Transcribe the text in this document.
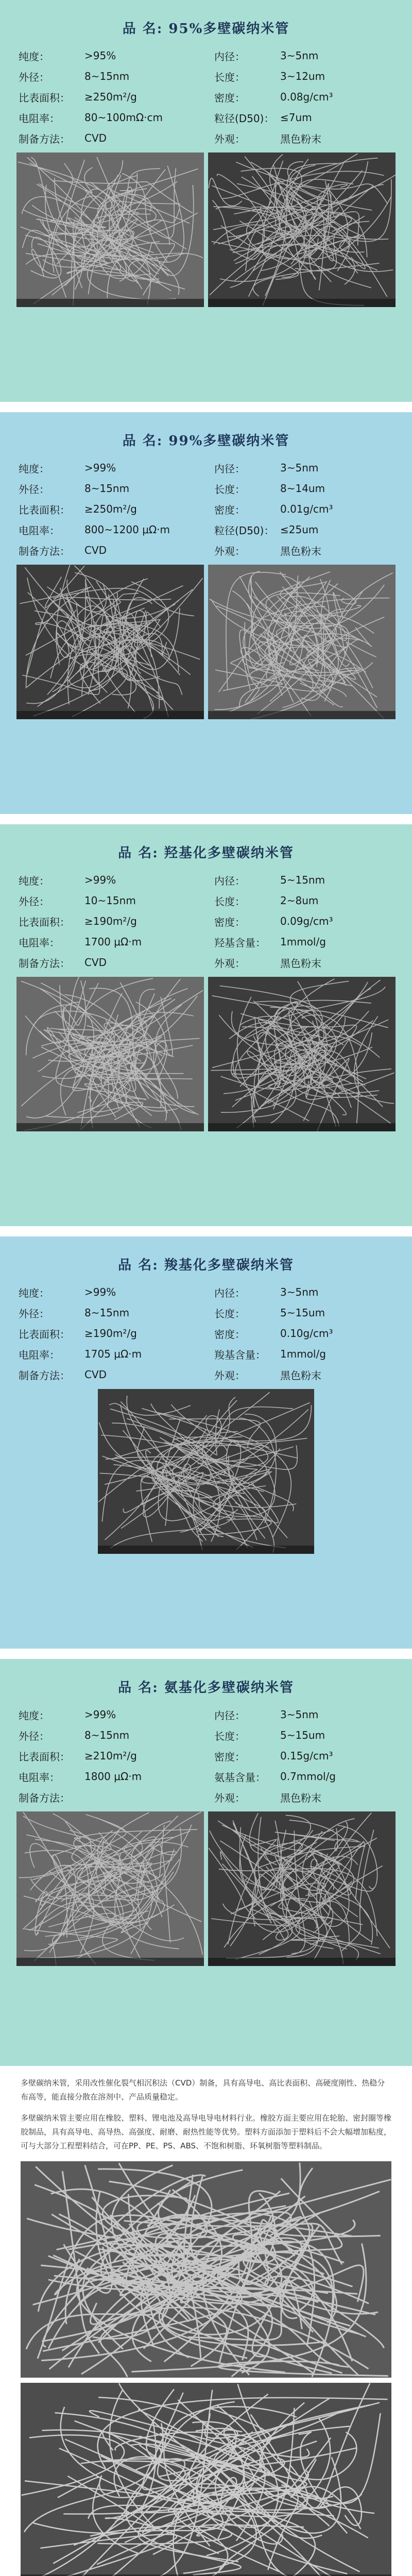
品 名: 95%多壁碳纳米管
纯度：	>95%	内径：	3~5nm
外径：	8~15nm	长度：	3~12um
比表面积：	≥250m²/g	密度：	0.08g/cm³
电阻率：	80~100mΩ·cm	粒径(D50)：	≤7um
制备方法：	CVD	外观：	黑色粉末
品 名: 99%多壁碳纳米管
纯度：	>99%	内径：	3~5nm
外径：	8~15nm	长度：	8~14um
比表面积：	≥250m²/g	密度：	0.01g/cm³
电阻率：	800~1200 μΩ·m	粒径(D50)：	≤25um
制备方法：	CVD	外观：	黑色粉末
品 名: 羟基化多壁碳纳米管
纯度：	>99%	内径：	5~15nm
外径：	10~15nm	长度：	2~8um
比表面积：	≥190m²/g	密度：	0.09g/cm³
电阻率：	1700 μΩ·m	羟基含量：	1mmol/g
制备方法：	CVD	外观：	黑色粉末
品 名: 羧基化多壁碳纳米管
纯度：	>99%	内径：	3~5nm
外径：	8~15nm	长度：	5~15um
比表面积：	≥190m²/g	密度：	0.10g/cm³
电阻率：	1705 μΩ·m	羧基含量：	1mmol/g
制备方法：	CVD	外观：	黑色粉末
品 名: 氨基化多壁碳纳米管
纯度：	>99%	内径：	3~5nm
外径：	8~15nm	长度：	5~15um
比表面积：	≥210m²/g	密度：	0.15g/cm³
电阻率：	1800 μΩ·m	氨基含量：	0.7mmol/g
制备方法：		外观：	黑色粉末

多壁碳纳米管，采用改性催化裂气相沉积法（CVD）制备，具有高导电、高比表面积、高硬度刚性、热稳分布高等，能直接分散在溶剂中、产品质量稳定。

多壁碳纳米管主要应用在橡胶、塑料、锂电池及高导电导电材料行业。橡胶方面主要应用在轮胎、密封圈等橡胶制品，具有高导电、高导热、高强度、耐磨、耐热性能等优势。塑料方面添加于塑料后不会大幅增加粘度，可与大部分工程塑料结合，可在PP、PE、PS、ABS、不饱和树脂、环氧树脂等塑料制品。
